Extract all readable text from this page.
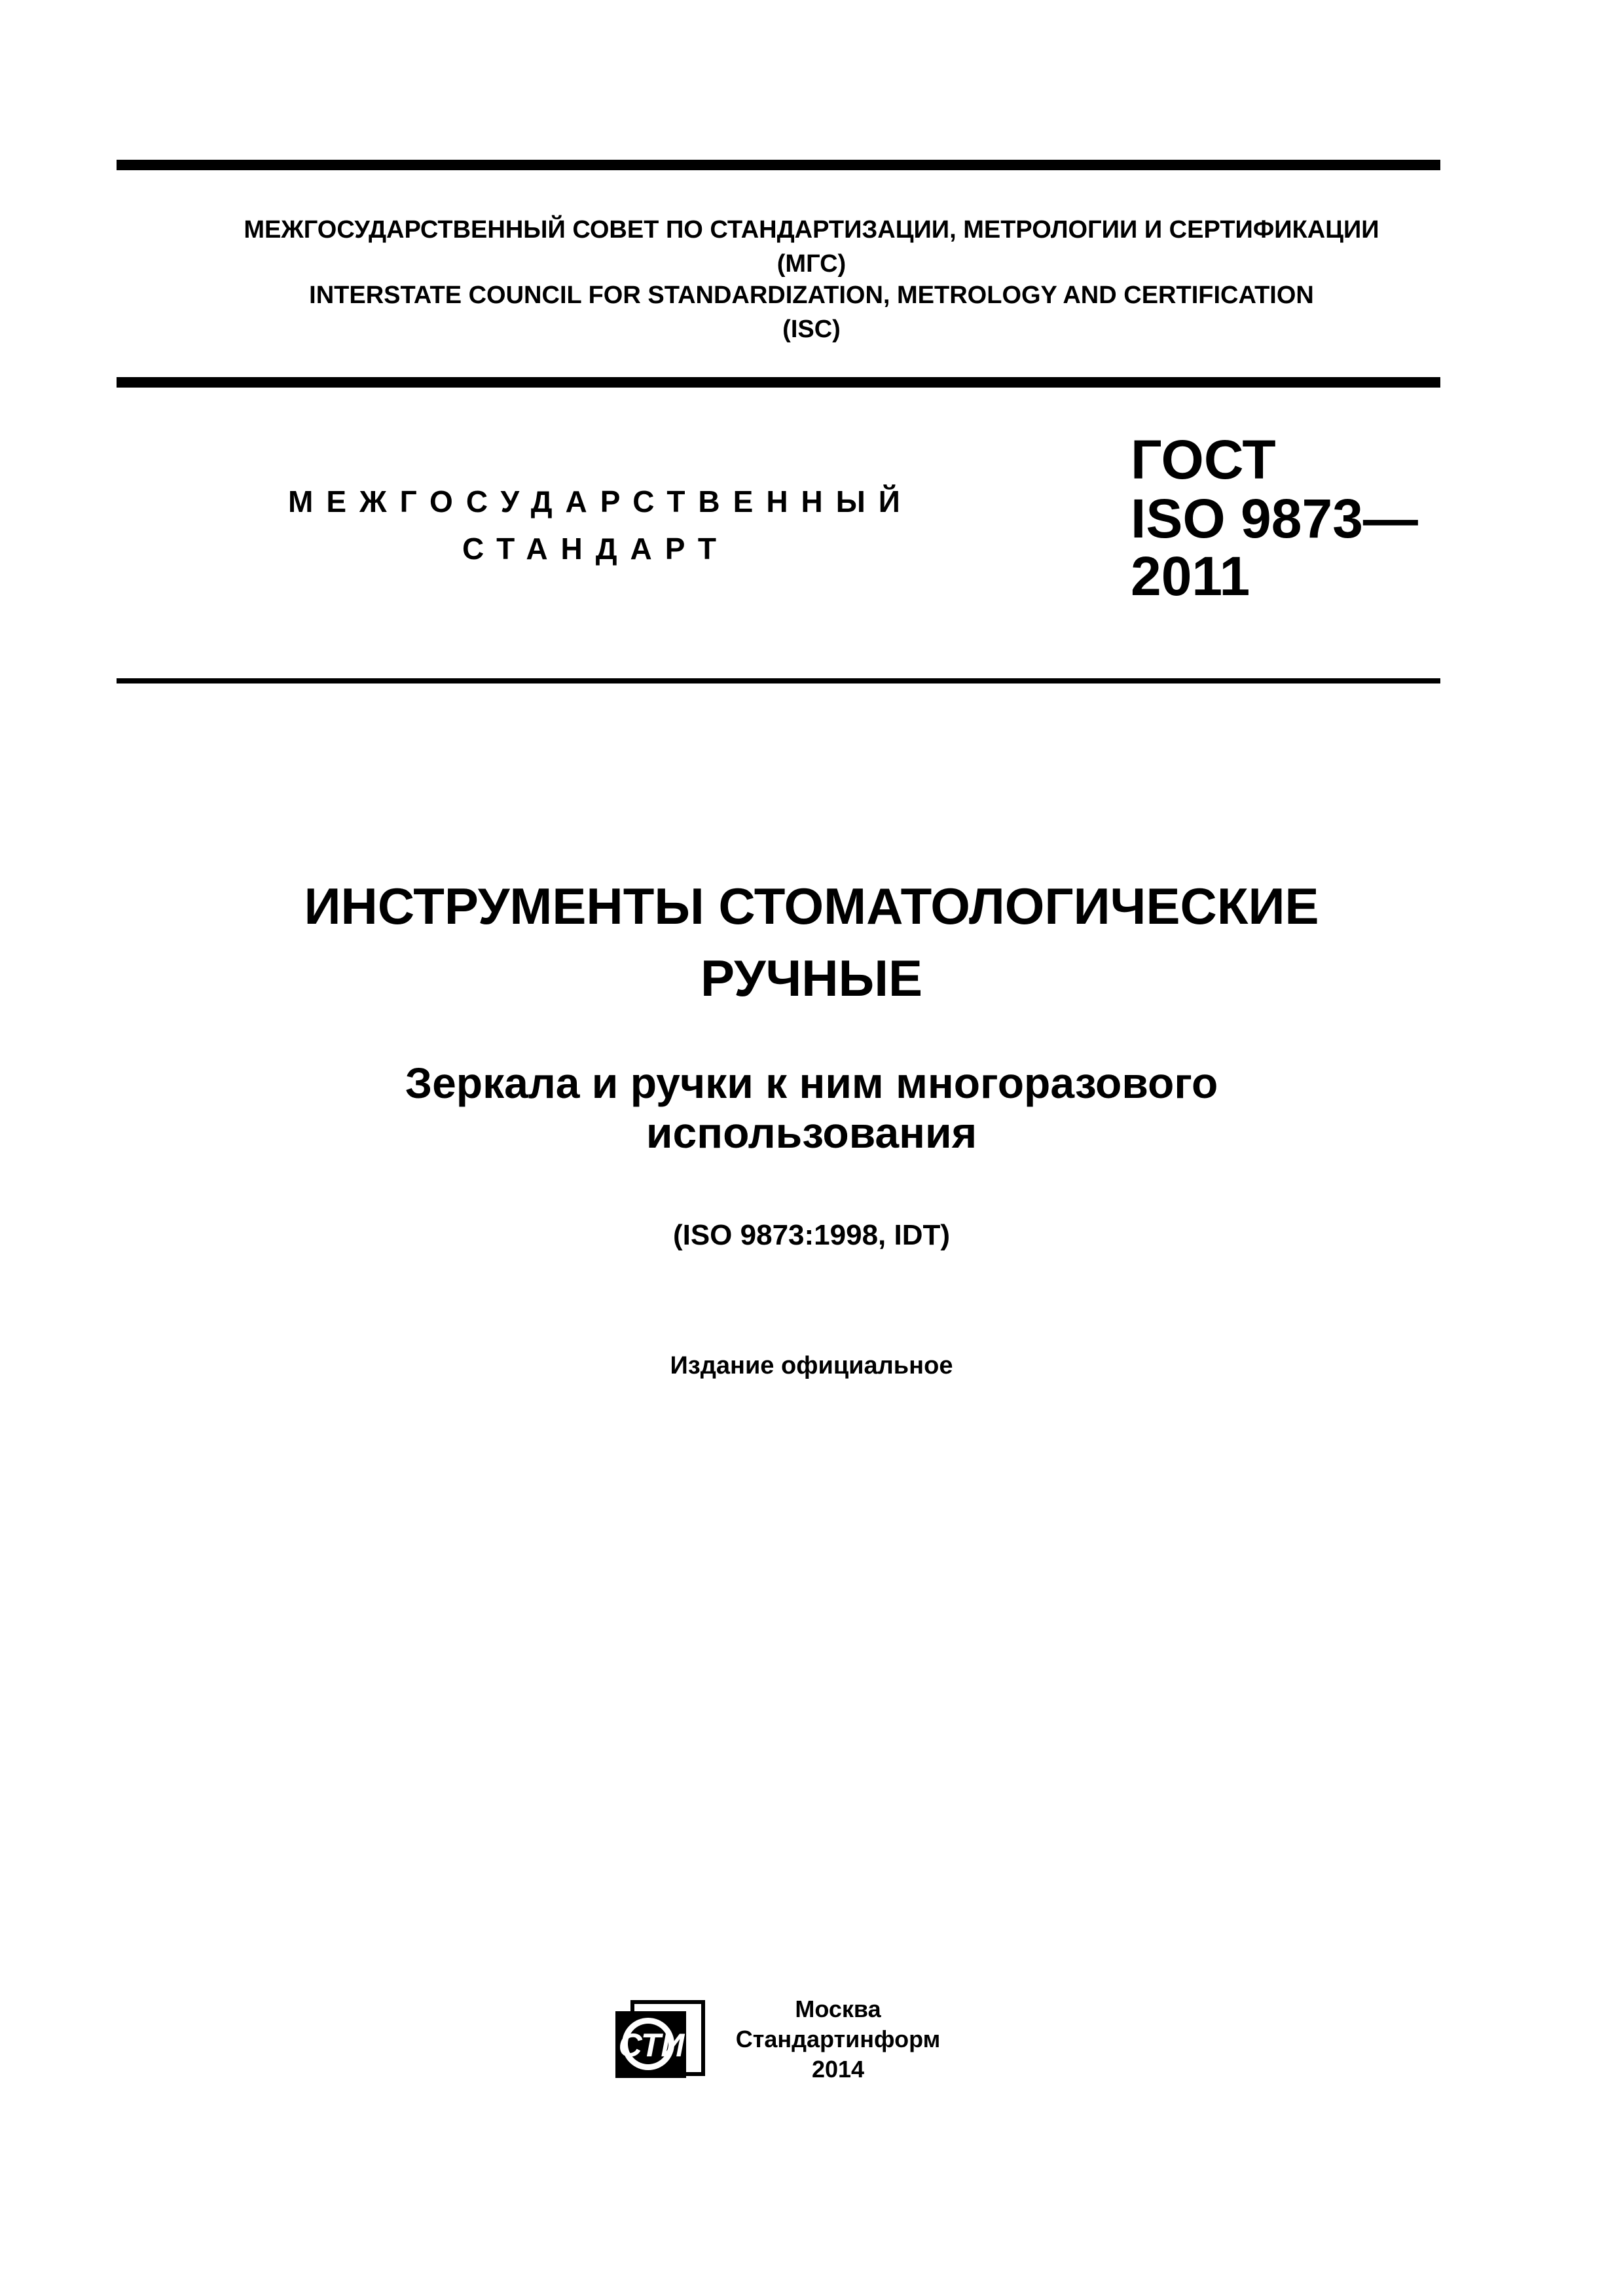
МЕЖГОСУДАРСТВЕННЫЙ СОВЕТ ПО СТАНДАРТИЗАЦИИ, МЕТРОЛОГИИ И СЕРТИФИКАЦИИ
(МГС)
INTERSTATE COUNCIL FOR STANDARDIZATION, METROLOGY AND CERTIFICATION
(ISC)
МЕЖГОСУДАРСТВЕННЫЙ
СТАНДАРТ
ГОСТ
ISO 9873—
2011
ИНСТРУМЕНТЫ СТОМАТОЛОГИЧЕСКИЕ
РУЧНЫЕ
Зеркала и ручки к ним многоразового
использования
(ISO 9873:1998, IDT)
Издание официальное
СТИ
Москва
Стандартинформ
2014
